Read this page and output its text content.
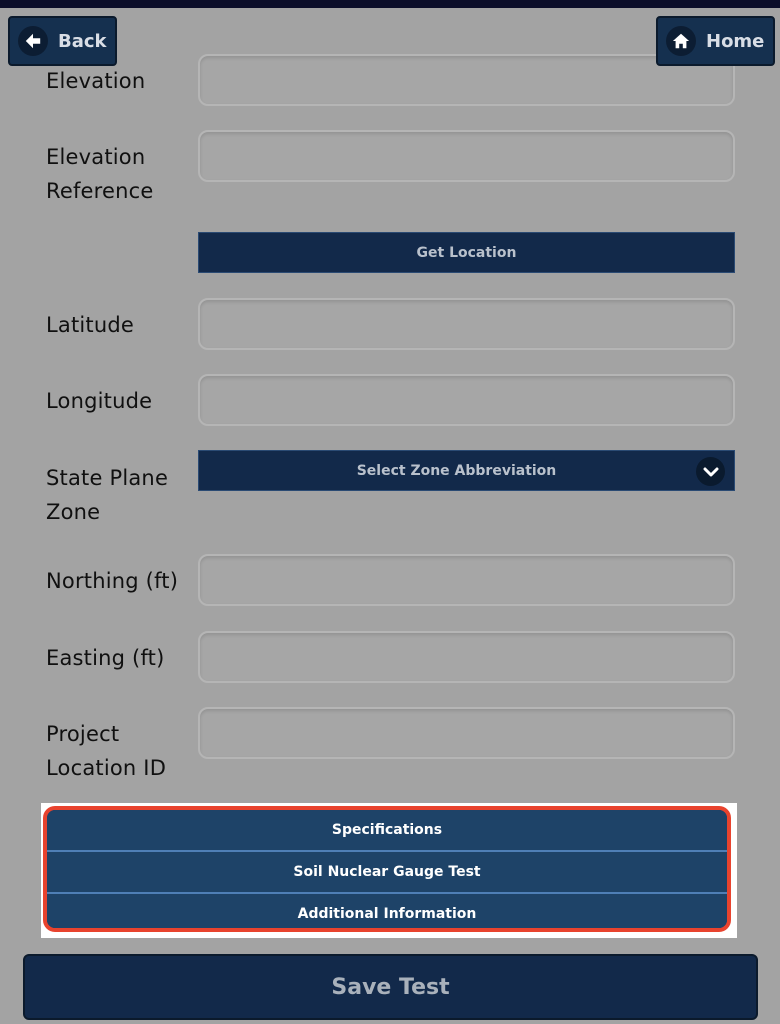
Elevation
Back	Home
Elevation
Reference
Get Location
Latitude
Longitude
State Plane
Zone
Select Zone Abbreviation
Northing (ft)
Easting (ft)
Project
Location ID
Specifications
Soil Nuclear Gauge Test
Additional Information
Save Test
